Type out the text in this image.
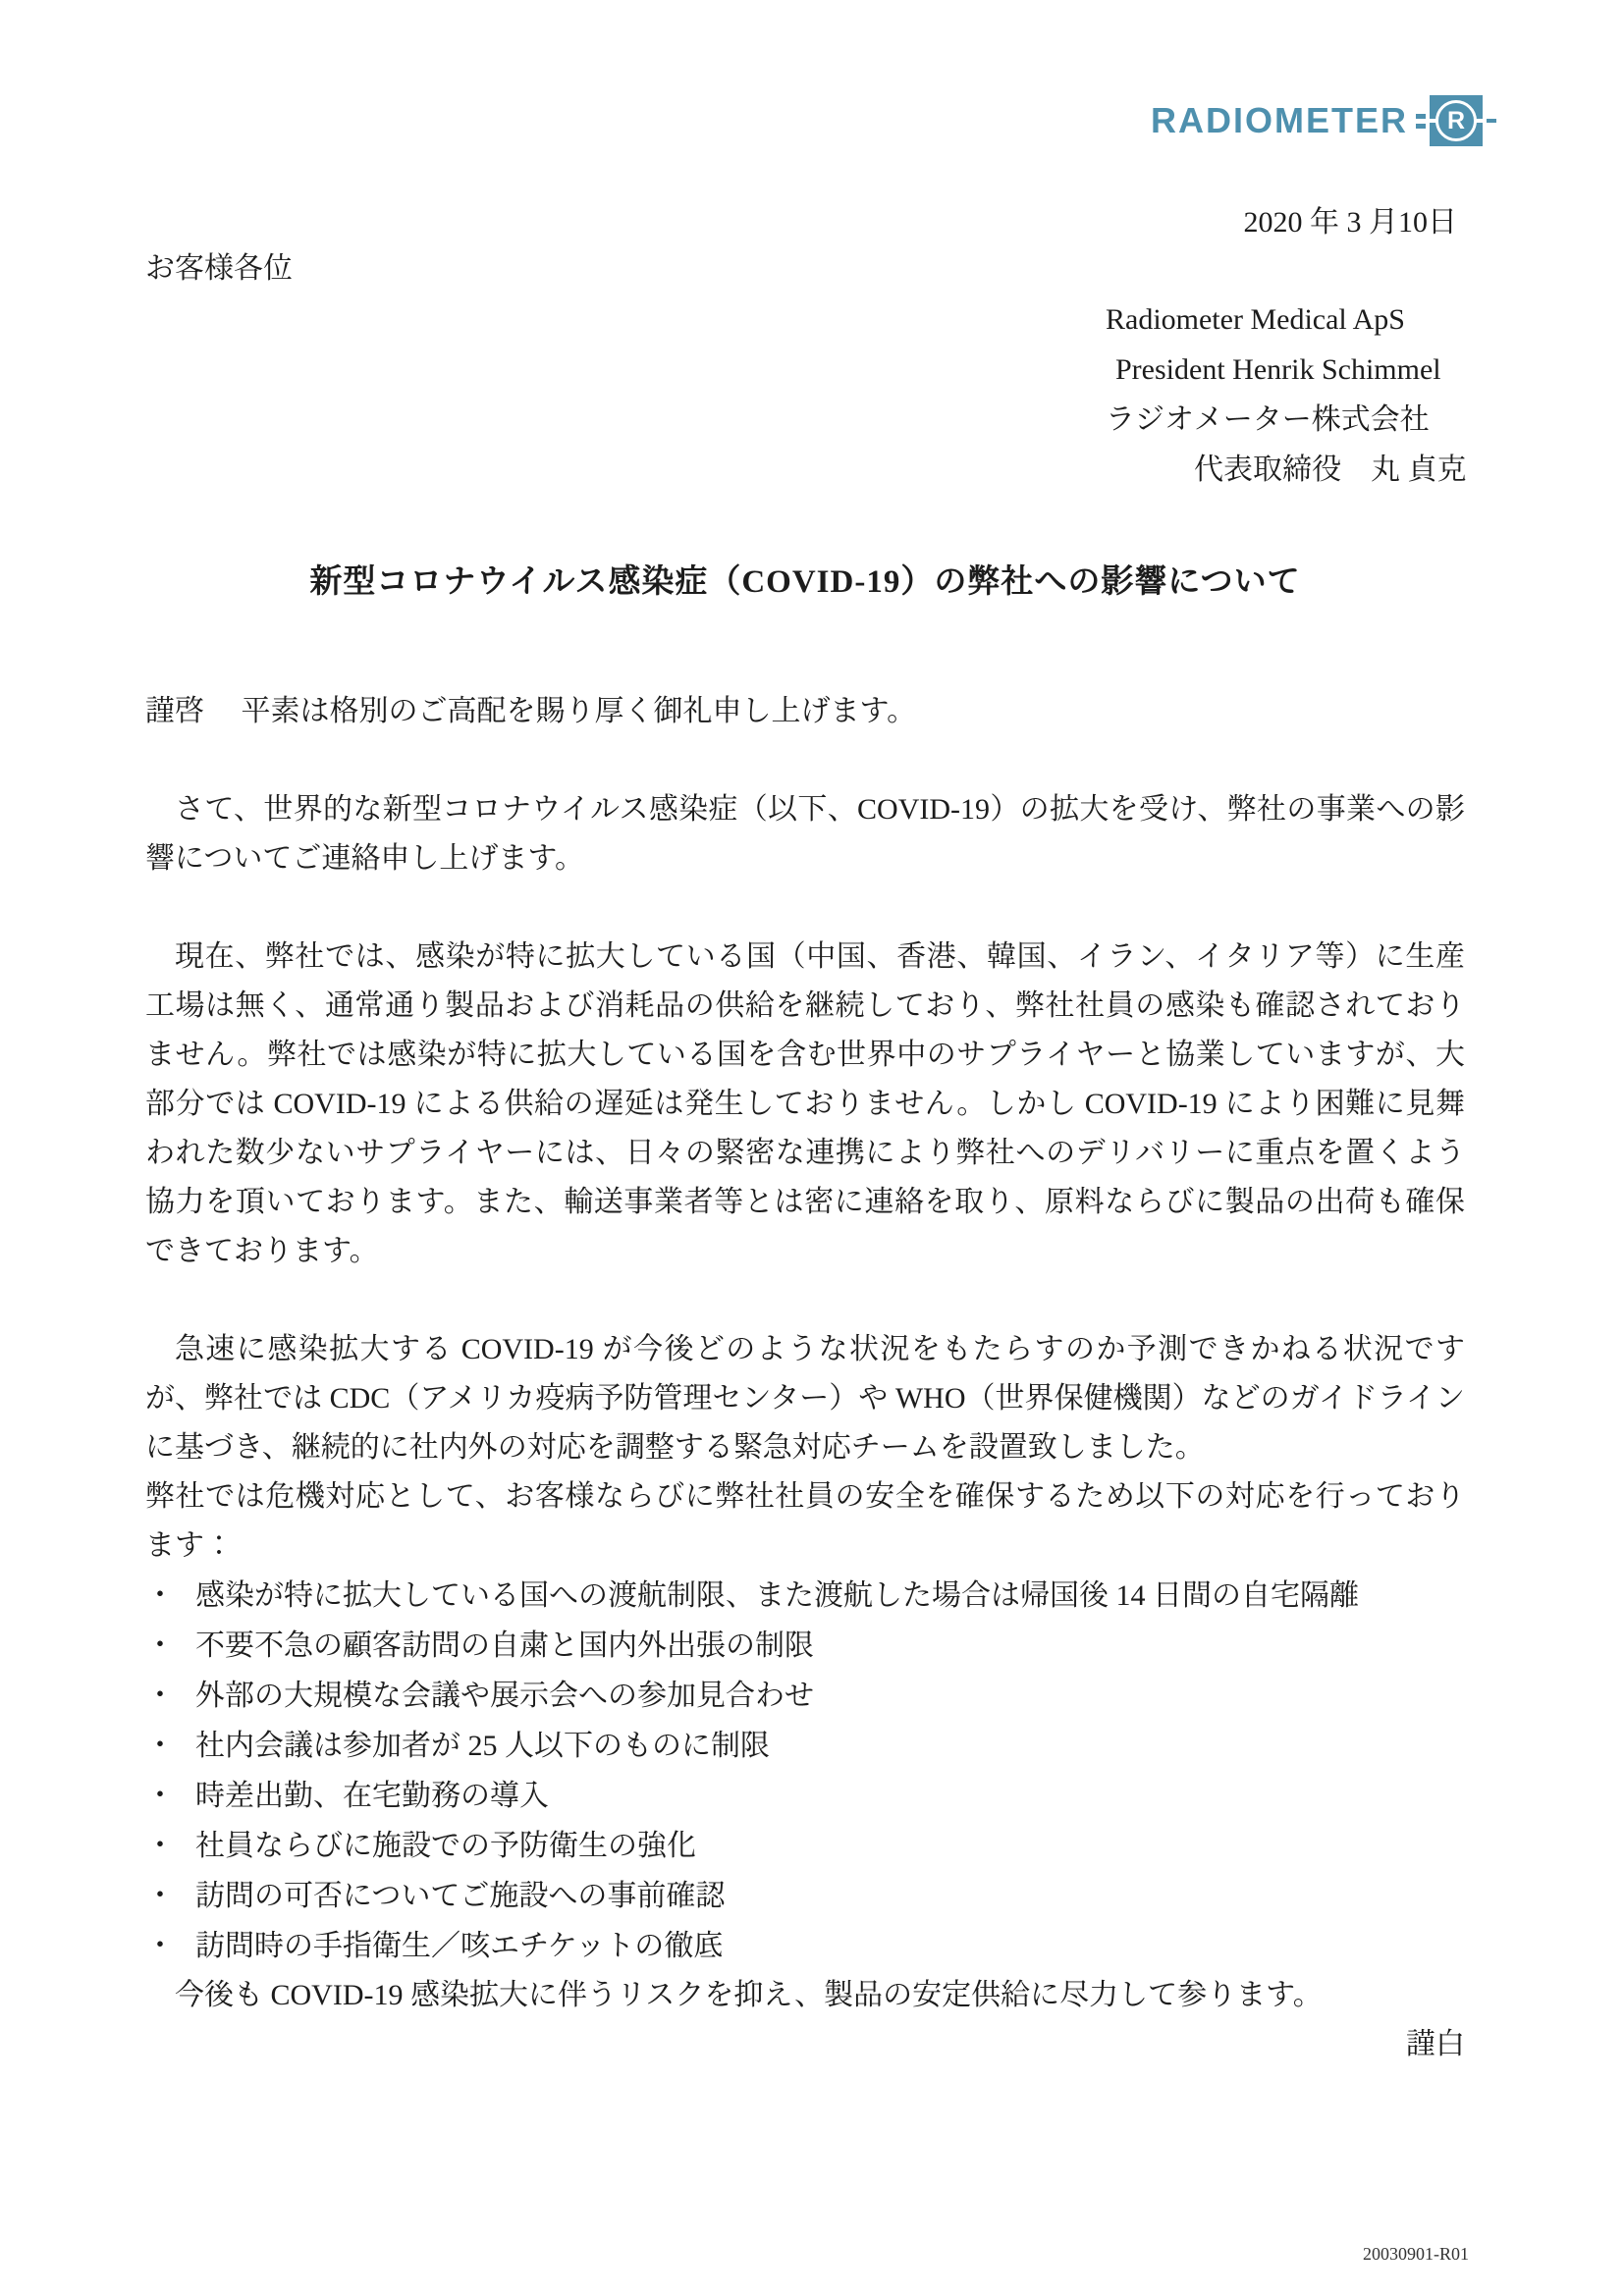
RADIOMETER R
2020 年 3 月10日
お客様各位
Radiometer Medical ApS
President Henrik Schimmel
ラジオメーター株式会社
代表取締役　丸 貞克
新型コロナウイルス感染症（COVID-19）の弊社への影響について

謹啓　 平素は格別のご高配を賜り厚く御礼申し上げます。

さて、世界的な新型コロナウイルス感染症（以下、COVID-19）の拡大を受け、弊社の事業への影響についてご連絡申し上げます。

現在、弊社では、感染が特に拡大している国（中国、香港、韓国、イラン、イタリア等）に生産工場は無く、通常通り製品および消耗品の供給を継続しており、弊社社員の感染も確認されておりません。弊社では感染が特に拡大している国を含む世界中のサプライヤーと協業していますが、大部分では COVID-19 による供給の遅延は発生しておりません。しかし COVID-19 により困難に見舞われた数少ないサプライヤーには、日々の緊密な連携により弊社へのデリバリーに重点を置くよう協力を頂いております。また、輸送事業者等とは密に連絡を取り、原料ならびに製品の出荷も確保できております。

急速に感染拡大する COVID-19 が今後どのような状況をもたらすのか予測できかねる状況ですが、弊社では CDC（アメリカ疫病予防管理センター）や WHO（世界保健機関）などのガイドラインに基づき、継続的に社内外の対応を調整する緊急対応チームを設置致しました。

弊社では危機対応として、お客様ならびに弊社社員の安全を確保するため以下の対応を行っております：

・ 感染が特に拡大している国への渡航制限、また渡航した場合は帰国後 14 日間の自宅隔離
・ 不要不急の顧客訪問の自粛と国内外出張の制限
・ 外部の大規模な会議や展示会への参加見合わせ
・ 社内会議は参加者が 25 人以下のものに制限
・ 時差出勤、在宅勤務の導入
・ 社員ならびに施設での予防衛生の強化
・ 訪問の可否についてご施設への事前確認
・ 訪問時の手指衛生／咳エチケットの徹底

今後も COVID-19 感染拡大に伴うリスクを抑え、製品の安定供給に尽力して参ります。

謹白
20030901-R01
